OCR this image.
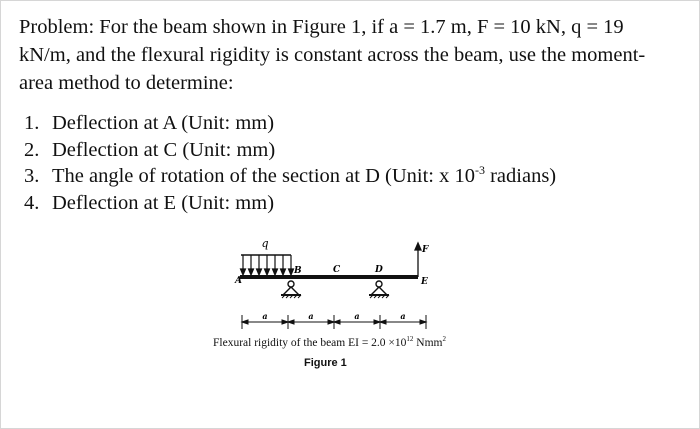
Problem: For the beam shown in Figure 1, if a = 1.7 m, F = 10 kN, q = 19 kN/m, and the flexural rigidity is constant across the beam, use the moment-area method to determine:

1. Deflection at A (Unit: mm)
2. Deflection at C (Unit: mm)
3. The angle of rotation of the section at D (Unit: x $10^{-3}$ radians)
4. Deflection at E (Unit: mm)
q
A
B	C	D
E
F
a	a	a	a
Flexural rigidity of the beam EI = $2.0 \times 10^{12}$ Nmm$^2$
Figure 1
